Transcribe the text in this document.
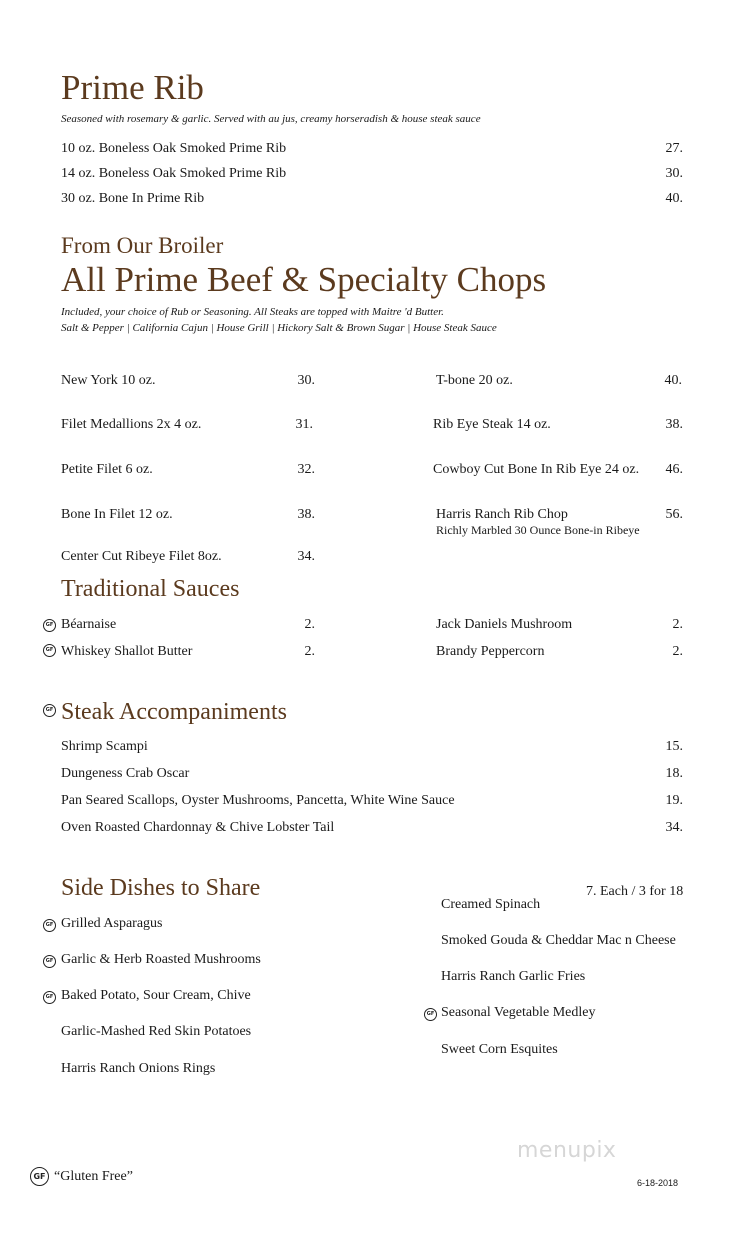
Prime Rib
Seasoned with rosemary & garlic. Served with au jus, creamy horseradish & house steak sauce
10 oz. Boneless Oak Smoked Prime Rib	27.
14 oz. Boneless Oak Smoked Prime Rib	30.
30 oz. Bone In Prime Rib	40.
From Our Broiler
All Prime Beef & Specialty Chops
Included, your choice of Rub or Seasoning. All Steaks are topped with Maitre 'd Butter.
Salt & Pepper | California Cajun | House Grill | Hickory Salt & Brown Sugar | House Steak Sauce
New York 10 oz.	30.
Filet Medallions 2x 4 oz.	31.
Petite Filet 6 oz.	32.
Bone In Filet 12 oz.	38.
Center Cut Ribeye Filet 8oz.	34.
T-bone 20 oz.	40.
Rib Eye Steak 14 oz.	38.
Cowboy Cut Bone In Rib Eye 24 oz.	46.
Harris Ranch Rib Chop	56.
Richly Marbled 30 Ounce Bone-in Ribeye
Traditional Sauces
GF Béarnaise	2.
GF Whiskey Shallot Butter	2.
Jack Daniels Mushroom	2.
Brandy Peppercorn	2.
GF Steak Accompaniments
Shrimp Scampi	15.
Dungeness Crab Oscar	18.
Pan Seared Scallops, Oyster Mushrooms, Pancetta, White Wine Sauce	19.
Oven Roasted Chardonnay & Chive Lobster Tail	34.
Side Dishes to Share	7. Each / 3 for 18
GF Grilled Asparagus
GF Garlic & Herb Roasted Mushrooms
GF Baked Potato, Sour Cream, Chive
Garlic-Mashed Red Skin Potatoes
Harris Ranch Onions Rings
Creamed Spinach
Smoked Gouda & Cheddar Mac n Cheese
Harris Ranch Garlic Fries
GF Seasonal Vegetable Medley
Sweet Corn Esquites
menupix
GF “Gluten Free”	6-18-2018
